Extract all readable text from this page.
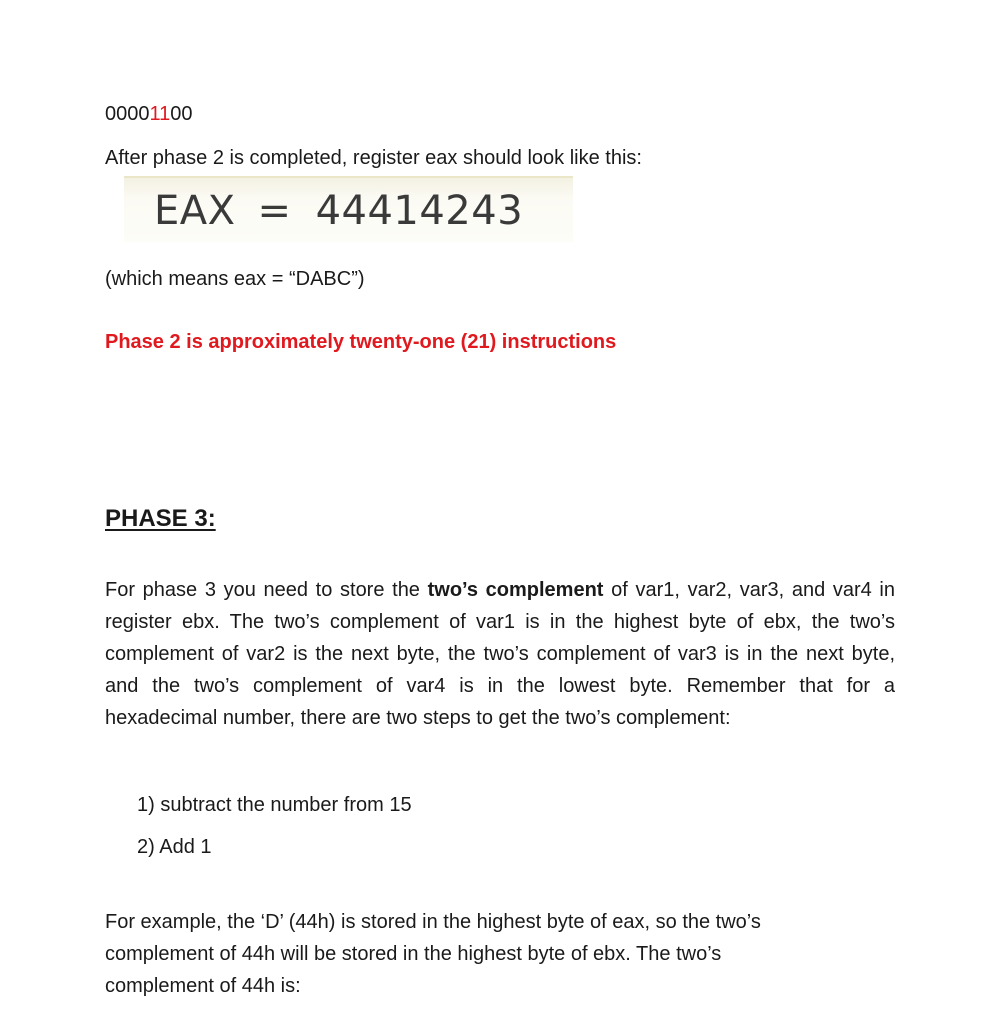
00001100
After phase 2 is completed, register eax should look like this:
EAX = 44414243
(which means eax = “DABC”)
Phase 2 is approximately twenty-one (21) instructions
PHASE 3:
For phase 3 you need to store the two’s complement of var1, var2, var3, and var4 in register ebx. The two’s complement of var1 is in the highest byte of ebx, the two’s complement of var2 is the next byte, the two’s complement of var3 is in the next byte, and the two’s complement of var4 is in the lowest byte. Remember that for a hexadecimal number, there are two steps to get the two’s complement:
1) subtract the number from 15
2) Add 1
For example, the ‘D’ (44h) is stored in the highest byte of eax, so the two’s complement of 44h will be stored in the highest byte of ebx. The two’s complement of 44h is:
